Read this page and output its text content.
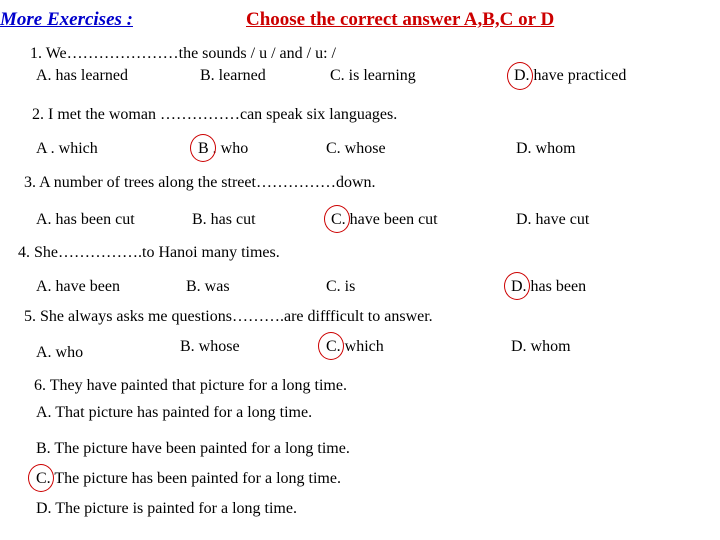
More Exercises :	Choose the correct answer A,B,C or D
1. We…………………the sounds / u / and / u: /
A. has learned	B. learned	C. is learning	D. have practiced
2. I met the woman ……………can speak six languages.
A . which	B . who	C. whose	D. whom
3. A number of trees along the street……………down.
A. has been cut	B. has cut	C. have been cut	D. have cut
4. She…………….to Hanoi many times.
A. have been	B. was	C. is	D. has been
5. She always asks me questions……….are diffficult to answer.
A. who	B. whose	C. which	D. whom
6. They have painted that picture for a long time.
A. That picture has painted for a long time.
B. The picture have been painted for a long time.
C. The picture has been painted for a long time.
D. The picture is painted for a long time.
